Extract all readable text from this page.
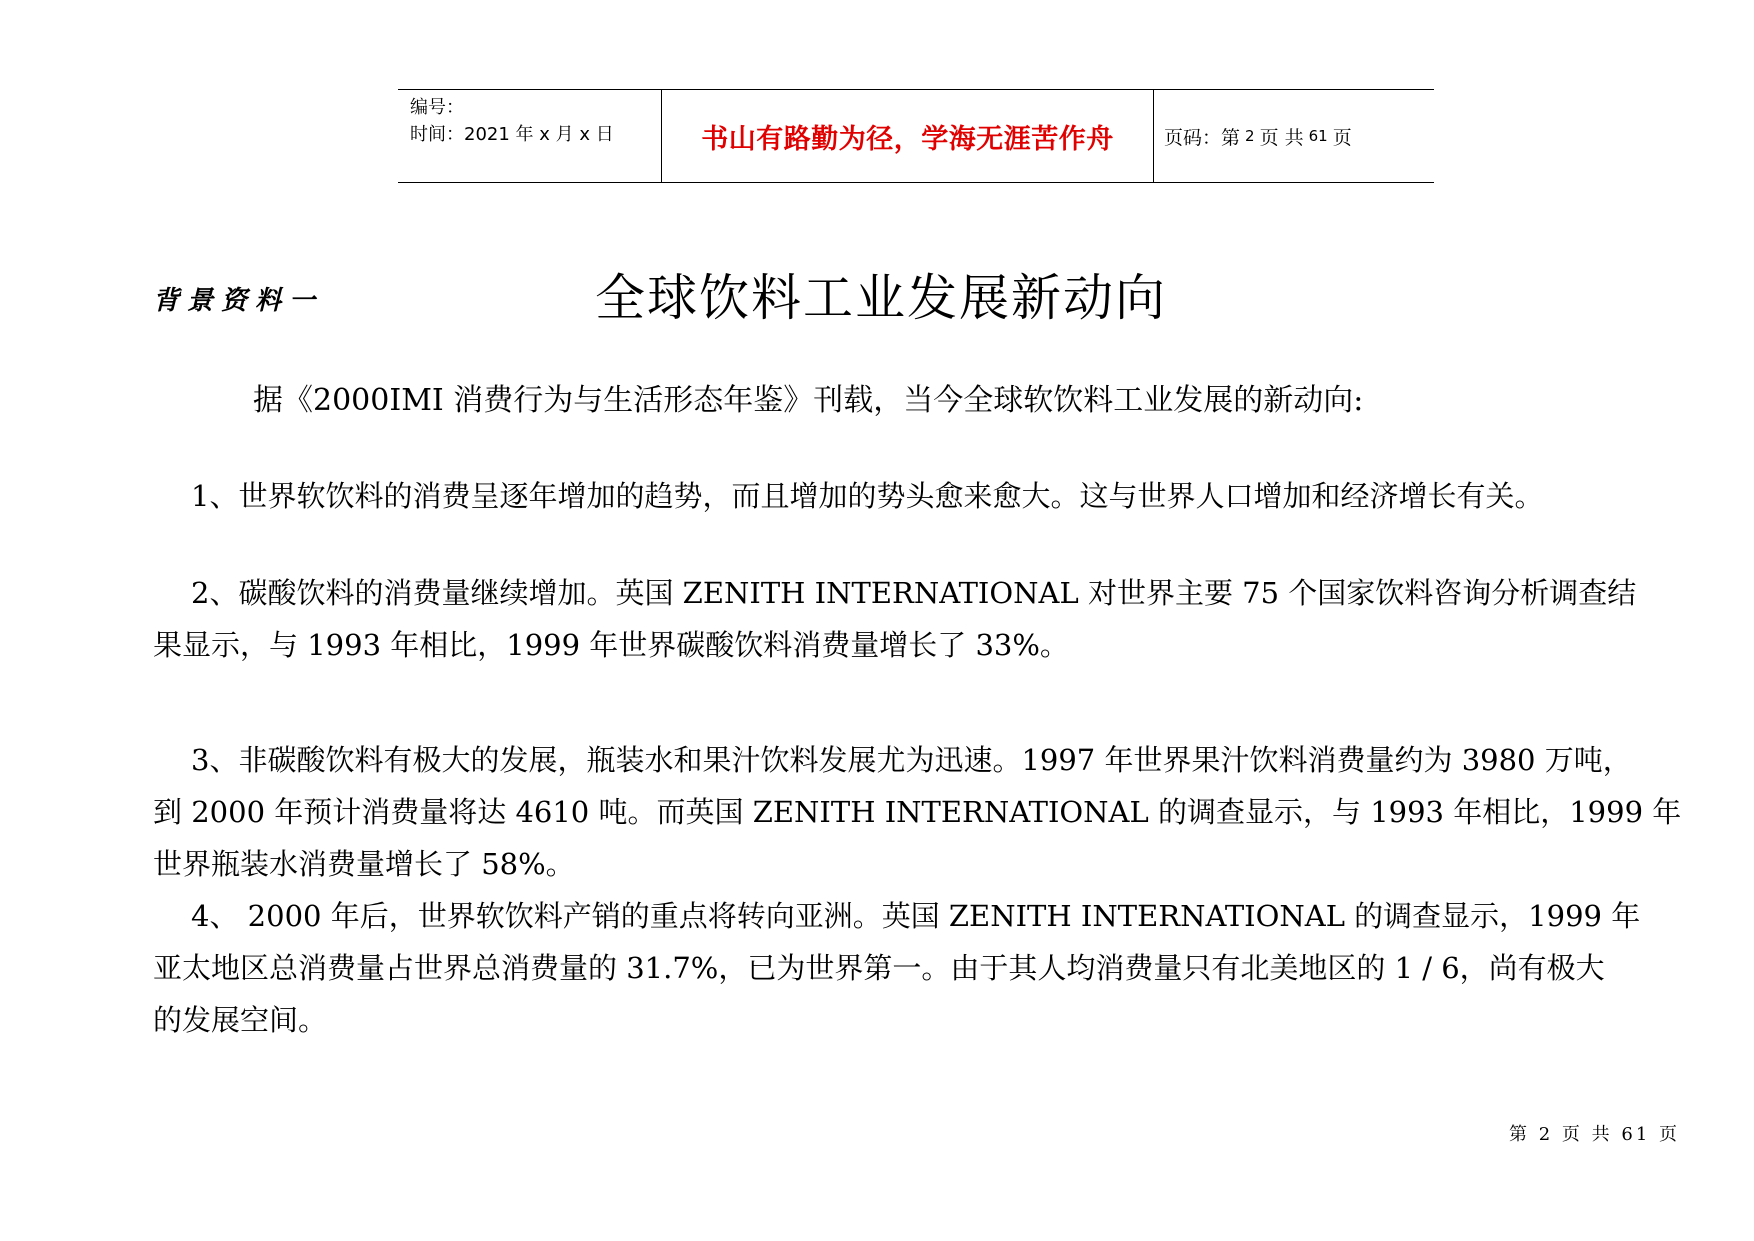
编号：
时间：2021 年 x 月 x 日	书山有路勤为径，学海无涯苦作舟	页码：第 2 页 共 61 页
背景资料一	全球饮料工业发展新动向
据《2000IMI 消费行为与生活形态年鉴》刊载，当今全球软饮料工业发展的新动向:
1、世界软饮料的消费呈逐年增加的趋势，而且增加的势头愈来愈大。这与世界人口增加和经济增长有关。
2、碳酸饮料的消费量继续增加。英国 ZENITH INTERNATIONAL 对世界主要 75 个国家饮料咨询分析调查结
果显示，与 1993 年相比，1999 年世界碳酸饮料消费量增长了 33%。
3、非碳酸饮料有极大的发展，瓶装水和果汁饮料发展尤为迅速。1997 年世界果汁饮料消费量约为 3980 万吨，
到 2000 年预计消费量将达 4610 吨。而英国 ZENITH INTERNATIONAL 的调查显示，与 1993 年相比，1999 年
世界瓶装水消费量增长了 58%。
4、 2000 年后，世界软饮料产销的重点将转向亚洲。英国 ZENITH INTERNATIONAL 的调查显示，1999 年
亚太地区总消费量占世界总消费量的 31.7%，已为世界第一。由于其人均消费量只有北美地区的 1 / 6，尚有极大
的发展空间。
第 2 页 共 61 页
